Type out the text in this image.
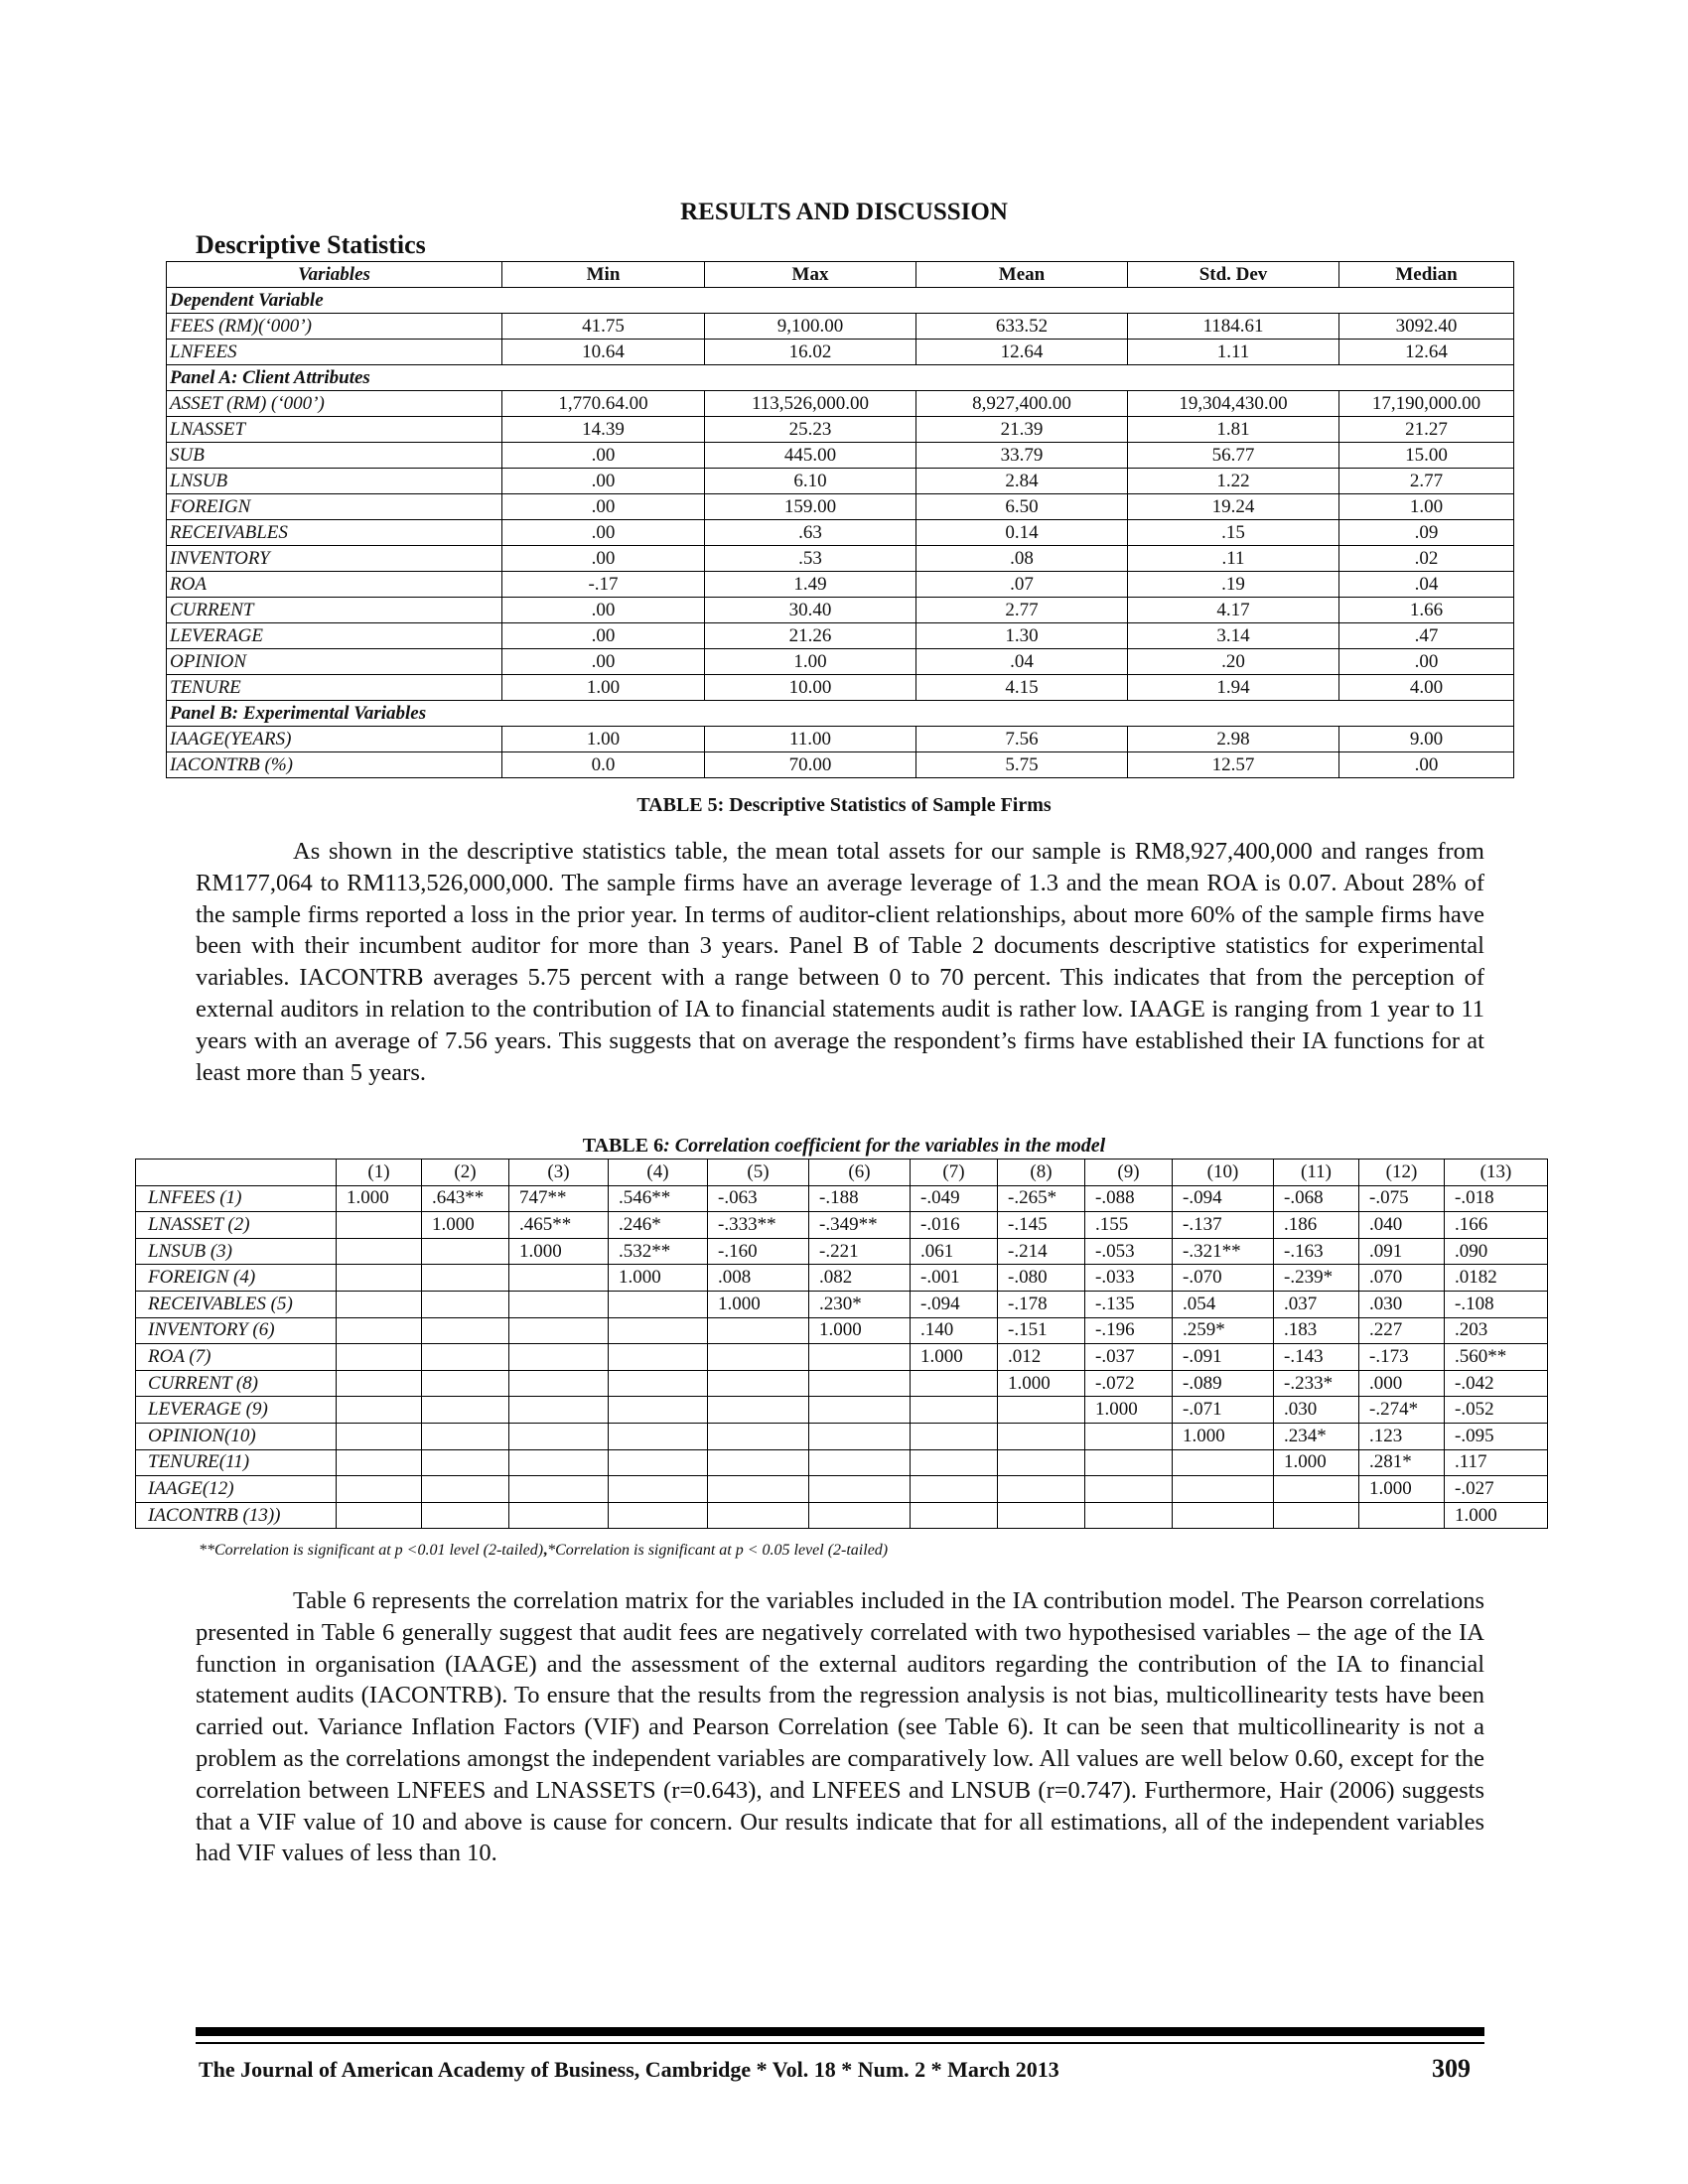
RESULTS AND DISCUSSION
Descriptive Statistics
Variables	Min	Max	Mean	Std. Dev	Median
Dependent Variable					
FEES (RM)(‘000’)	41.75	9,100.00	633.52	1184.61	3092.40
LNFEES	10.64	16.02	12.64	1.11	12.64
Panel A: Client Attributes					
ASSET (RM) (‘000’)	1,770.64.00	113,526,000.00	8,927,400.00	19,304,430.00	17,190,000.00
LNASSET	14.39	25.23	21.39	1.81	21.27
SUB	.00	445.00	33.79	56.77	15.00
LNSUB	.00	6.10	2.84	1.22	2.77
FOREIGN	.00	159.00	6.50	19.24	1.00
RECEIVABLES	.00	.63	0.14	.15	.09
INVENTORY	.00	.53	.08	.11	.02
ROA	-.17	1.49	.07	.19	.04
CURRENT	.00	30.40	2.77	4.17	1.66
LEVERAGE	.00	21.26	1.30	3.14	.47
OPINION	.00	1.00	.04	.20	.00
TENURE	1.00	10.00	4.15	1.94	4.00
Panel B: Experimental Variables					
IAAGE(YEARS)	1.00	11.00	7.56	2.98	9.00
IACONTRB (%)	0.0	70.00	5.75	12.57	.00
TABLE 5: Descriptive Statistics of Sample Firms

As shown in the descriptive statistics table, the mean total assets for our sample is RM8,927,400,000 and ranges from RM177,064 to RM113,526,000,000. The sample firms have an average leverage of 1.3 and the mean ROA is 0.07. About 28% of the sample firms reported a loss in the prior year. In terms of auditor-client relationships, about more 60% of the sample firms have been with their incumbent auditor for more than 3 years. Panel B of Table 2 documents descriptive statistics for experimental variables. IACONTRB averages 5.75 percent with a range between 0 to 70 percent. This indicates that from the perception of external auditors in relation to the contribution of IA to financial statements audit is rather low. IAAGE is ranging from 1 year to 11 years with an average of 7.56 years. This suggests that on average the respondent’s firms have established their IA functions for at least more than 5 years.

TABLE 6: Correlation coefficient for the variables in the model
	(1)	(2)	(3)	(4)	(5)	(6)	(7)	(8)	(9)	(10)	(11)	(12)	(13)
LNFEES (1)	1.000	.643**	747**	.546**	-.063	-.188	-.049	-.265*	-.088	-.094	-.068	-.075	-.018
LNASSET (2)		1.000	.465**	.246*	-.333**	-.349**	-.016	-.145	.155	-.137	.186	.040	.166
LNSUB (3)			1.000	.532**	-.160	-.221	.061	-.214	-.053	-.321**	-.163	.091	.090
FOREIGN (4)				1.000	.008	.082	-.001	-.080	-.033	-.070	-.239*	.070	.0182
RECEIVABLES (5)					1.000	.230*	-.094	-.178	-.135	.054	.037	.030	-.108
INVENTORY (6)						1.000	.140	-.151	-.196	.259*	.183	.227	.203
ROA (7)							1.000	.012	-.037	-.091	-.143	-.173	.560**
CURRENT (8)								1.000	-.072	-.089	-.233*	.000	-.042
LEVERAGE (9)									1.000	-.071	.030	-.274*	-.052
OPINION(10)										1.000	.234*	.123	-.095
TENURE(11)											1.000	.281*	.117
IAAGE(12)												1.000	-.027
IACONTRB (13))													1.000
**Correlation is significant at p <0.01 level (2-tailed),*Correlation is significant at p < 0.05 level (2-tailed)

Table 6 represents the correlation matrix for the variables included in the IA contribution model. The Pearson correlations presented in Table 6 generally suggest that audit fees are negatively correlated with two hypothesised variables – the age of the IA function in organisation (IAAGE) and the assessment of the external auditors regarding the contribution of the IA to financial statement audits (IACONTRB). To ensure that the results from the regression analysis is not bias, multicollinearity tests have been carried out. Variance Inflation Factors (VIF) and Pearson Correlation (see Table 6). It can be seen that multicollinearity is not a problem as the correlations amongst the independent variables are comparatively low. All values are well below 0.60, except for the correlation between LNFEES and LNASSETS (r=0.643), and LNFEES and LNSUB (r=0.747). Furthermore, Hair (2006) suggests that a VIF value of 10 and above is cause for concern. Our results indicate that for all estimations, all of the independent variables had VIF values of less than 10.

The Journal of American Academy of Business, Cambridge * Vol. 18 * Num. 2 * March 2013	309
